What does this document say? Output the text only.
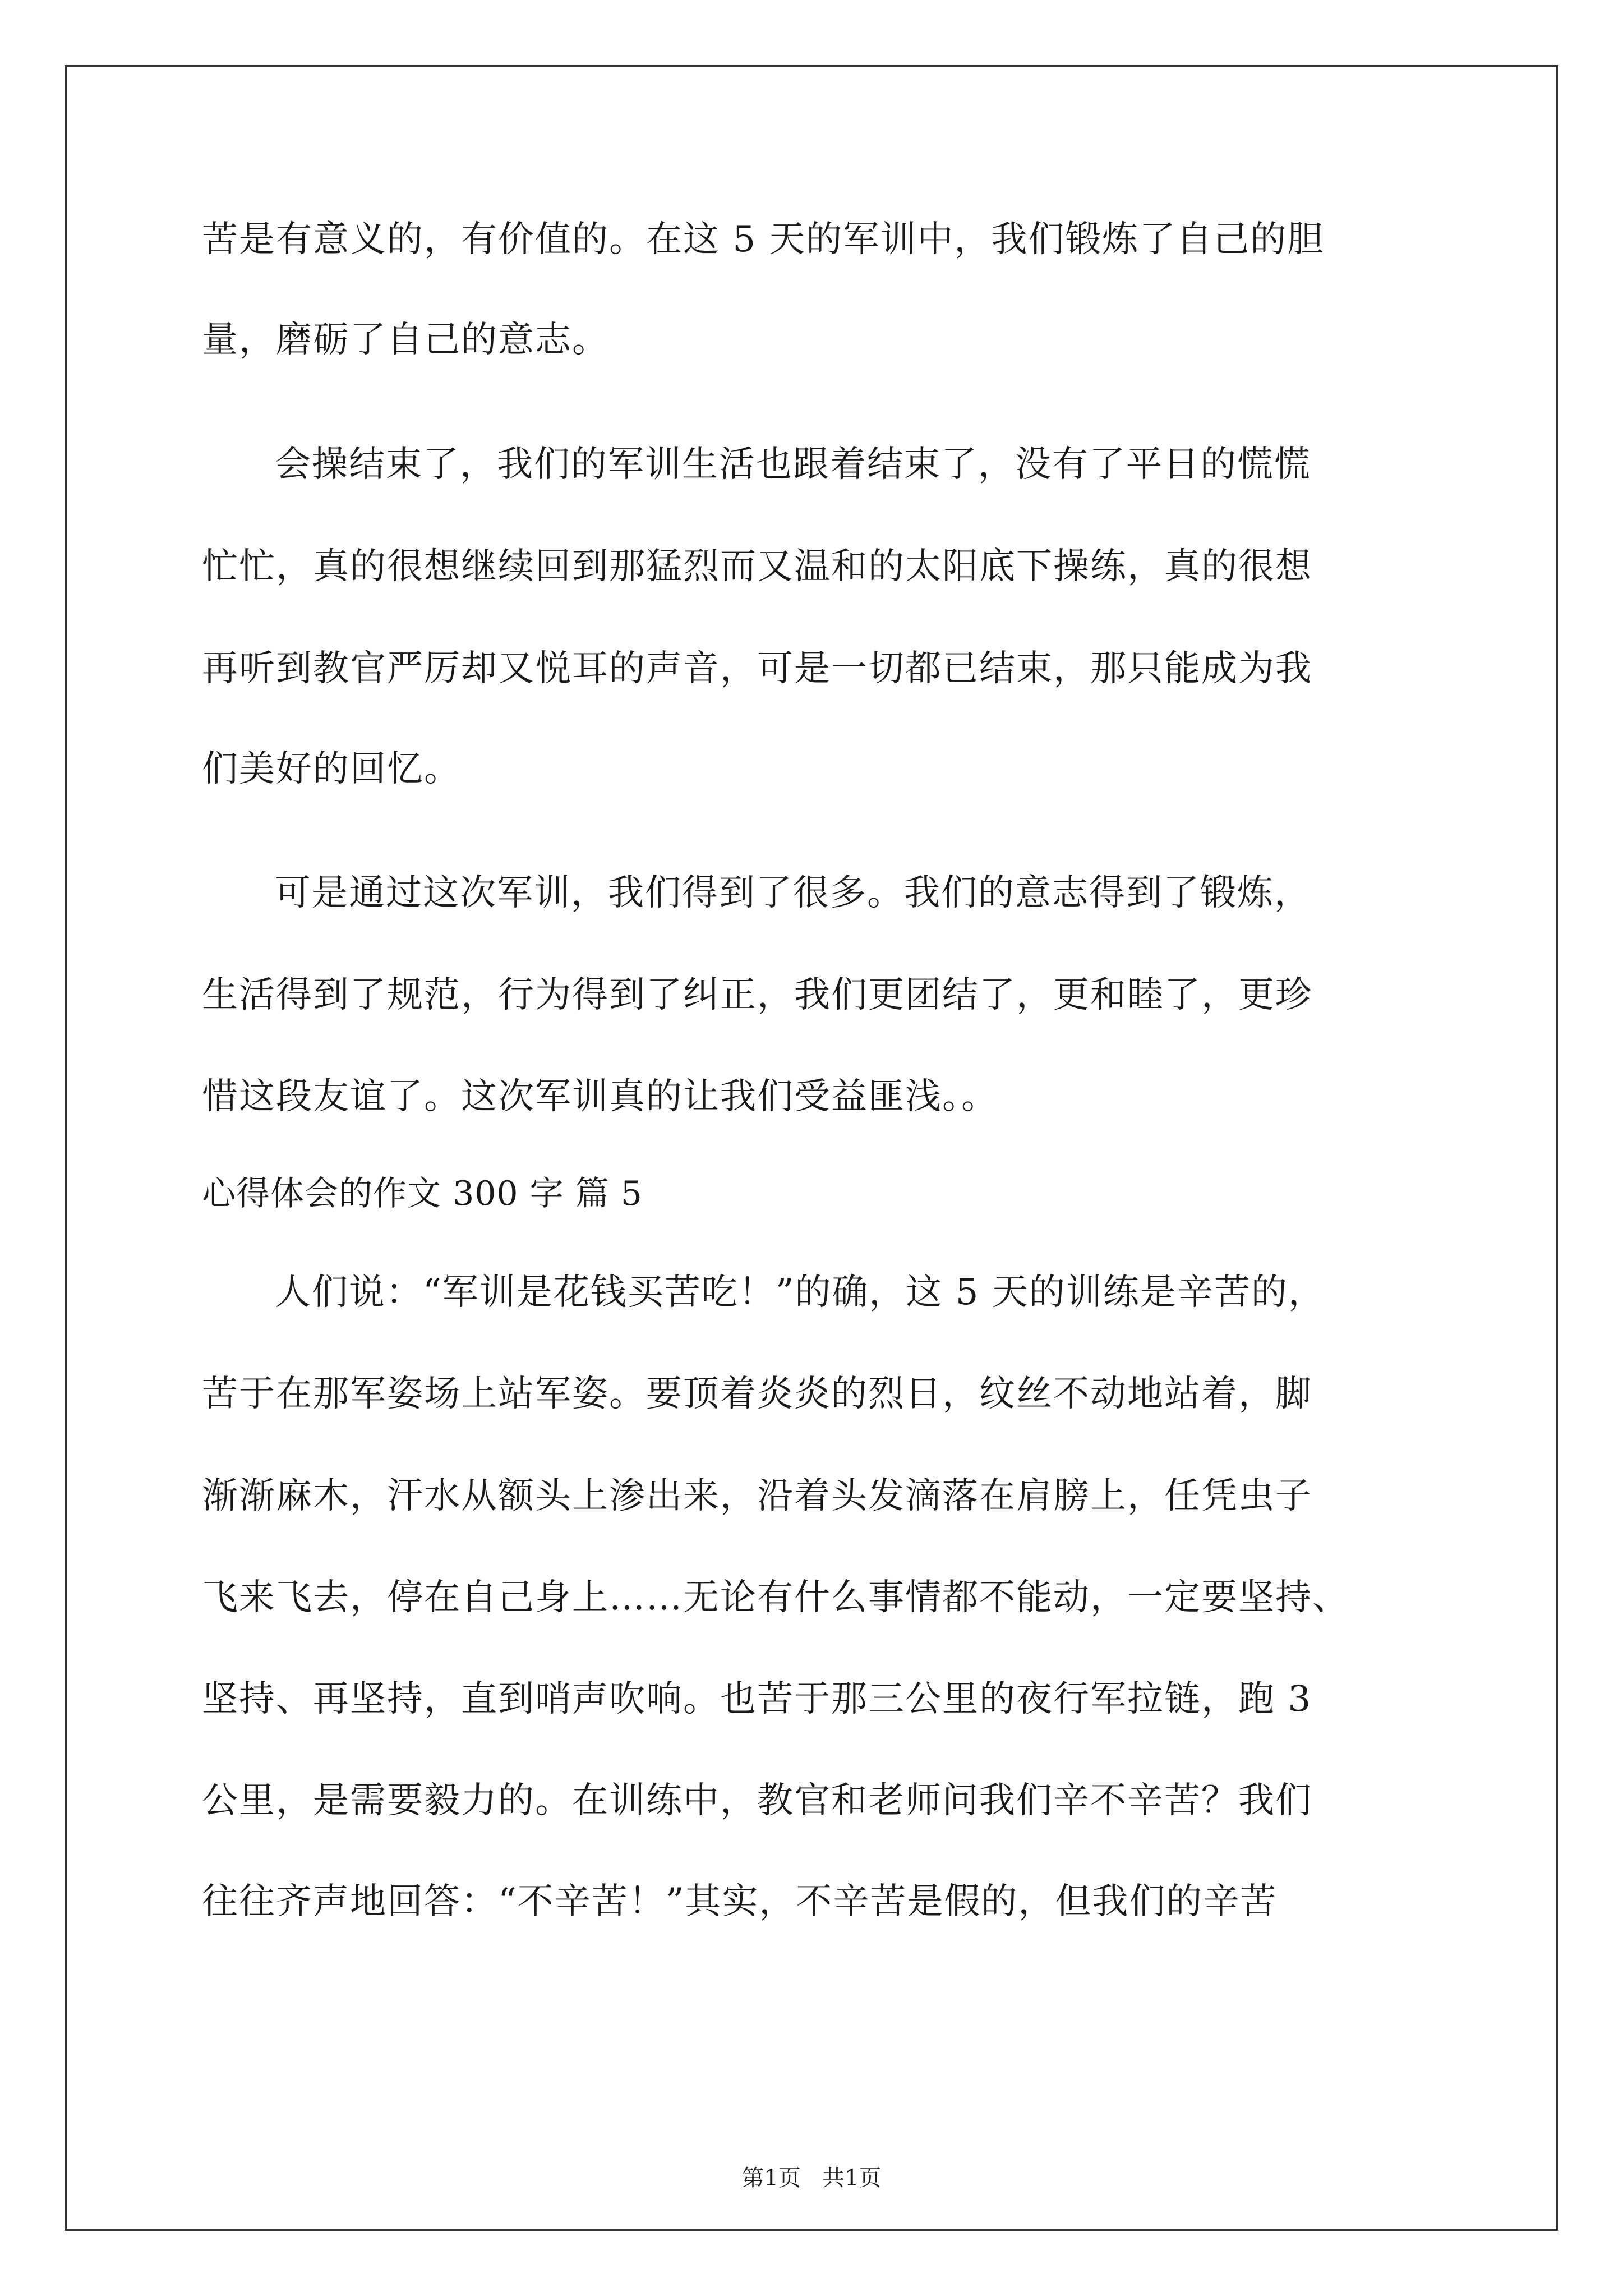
苦是有意义的，有价值的。在这 5 天的军训中，我们锻炼了自己的胆
量，磨砺了自己的意志。
会操结束了，我们的军训生活也跟着结束了，没有了平日的慌慌
忙忙，真的很想继续回到那猛烈而又温和的太阳底下操练，真的很想
再听到教官严厉却又悦耳的声音，可是一切都已结束，那只能成为我
们美好的回忆。
可是通过这次军训，我们得到了很多。我们的意志得到了锻炼，
生活得到了规范，行为得到了纠正，我们更团结了，更和睦了，更珍
惜这段友谊了。这次军训真的让我们受益匪浅。。
心得体会的作文 300 字 篇 5
人们说：“军训是花钱买苦吃！”的确，这 5 天的训练是辛苦的，
苦于在那军姿场上站军姿。要顶着炎炎的烈日，纹丝不动地站着，脚
渐渐麻木，汗水从额头上渗出来，沿着头发滴落在肩膀上，任凭虫子
飞来飞去，停在自己身上……无论有什么事情都不能动，一定要坚持、
坚持、再坚持，直到哨声吹响。也苦于那三公里的夜行军拉链，跑 3
公里，是需要毅力的。在训练中，教官和老师问我们辛不辛苦？我们
往往齐声地回答：“不辛苦！”其实，不辛苦是假的，但我们的辛苦
第1页   共1页
